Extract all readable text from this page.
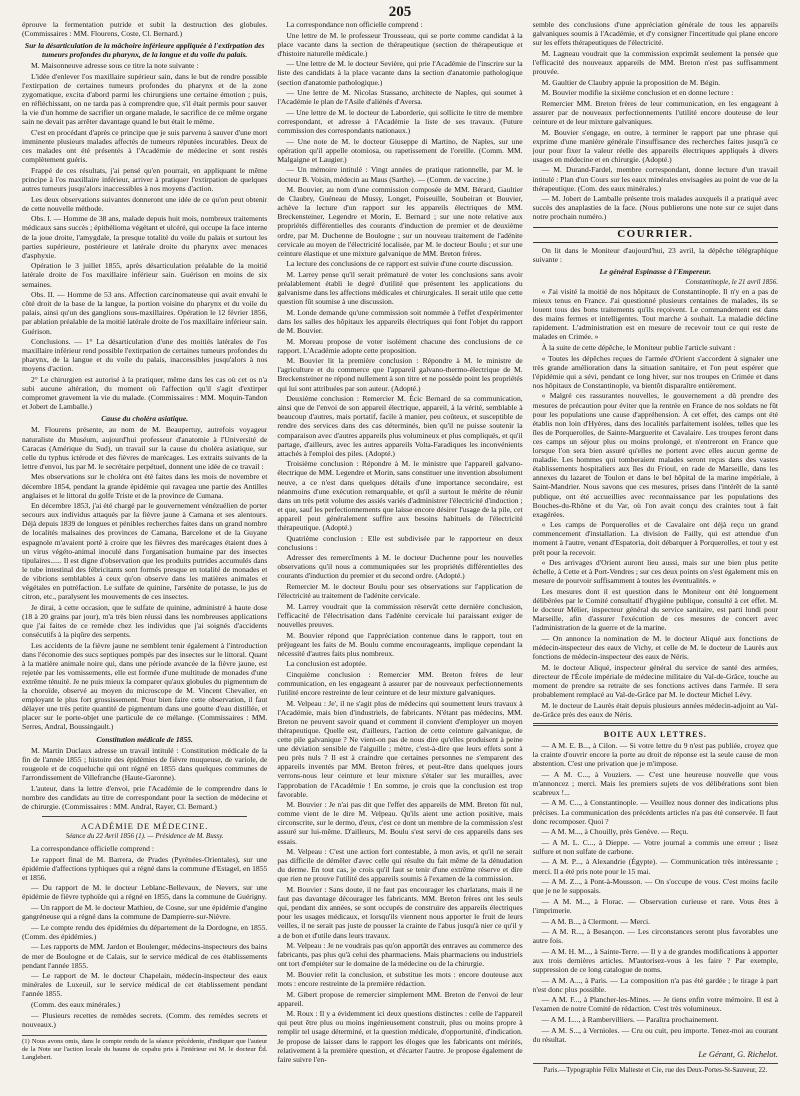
205

éprouve la fermentation putride et subit la destruction des globules. (Commissaires : MM. Flourens, Coste, Cl. Bernard.)

Sur la désarticulation de la mâchoire inférieure appliquée à l'extirpation des tumeurs profondes du pharynx, de la langue et du voile du palais.

M. Maisonneuve adresse sous ce titre la note suivante :

L'idée d'enlever l'os maxillaire supérieur sain, dans le but de rendre possible l'extirpation de certaines tumeurs profondes du pharynx et de la zone zygomatique, excita d'abord parmi les chirurgiens une certaine émotion ; puis, en réfléchissant, on ne tarda pas à comprendre que, s'il était permis pour sauver la vie d'un homme de sacrifier un organe malade, le sacrifice de ce même organe sain ne devait pas arrêter davantage quand le but était le même.

C'est en procédant d'après ce principe que je suis parvenu à sauver d'une mort imminente plusieurs malades affectés de tumeurs réputées incurables. Deux de ces malades ont été présentés à l'Académie de médecine et sont restés complètement guéris.

Frappé de ces résultats, j'ai pensé qu'en pourrait, en appliquant le même principe à l'os maxillaire inférieur, arriver à pratiquer l'extirpation de quelques autres tumeurs jusqu'alors inaccessibles à nos moyens d'action.

Les deux observations suivantes donneront une idée de ce qu'on peut obtenir de cette nouvelle méthode.

Obs. I. — Homme de 38 ans, malade depuis huit mois, nombreux traitements médicaux sans succès ; épithélioma végétant et ulcéré, qui occupe la face interne de la joue droite, l'amygdale, la presque totalité du voile du palais et surtout les parties supérieure, postérieure et latérale droite du pharynx avec menaces d'asphyxie.

Opération le 3 juillet 1855, après désarticulation préalable de la moitié latérale droite de l'os maxillaire inférieur sain. Guérison en moins de six semaines.

Obs. II. — Homme de 53 ans. Affection carcinomateuse qui avait envahi le côté droit de la base de la langue, la portion voisine du pharynx et du voile du palais, ainsi qu'un des ganglions sous-maxillaires. Opération le 12 février 1856, par ablation préalable de la moitié latérale droite de l'os maxillaire inférieur sain. Guérison.

Conclusions. — 1° La désarticulation d'une des moitiés latérales de l'os maxillaire inférieur rend possible l'extirpation de certaines tumeurs profondes du pharynx, de la langue et du voile du palais, inaccessibles jusqu'alors à nos moyens d'action.

2° Le chirurgien est autorisé à la pratiquer, même dans les cas où cet os n'a subi aucune altération, du moment où l'affection qu'il s'agit d'extirper compromet gravement la vie du malade. (Commissaires : MM. Moquin-Tandon et Jobert de Lamballe.)

Cause du choléra asiatique.

M. Flourens présente, au nom de M. Beaupertuy, autrefois voyageur naturaliste du Muséum, aujourd'hui professeur d'anatomie à l'Université de Caracas (Amérique du Sud), un travail sur la cause du choléra asiatique, sur celle du typhus ictérode et des fièvres de marécages. Les extraits suivants de la lettre d'envoi, lus par M. le secrétaire perpétuel, donnent une idée de ce travail :

Mes observations sur le choléra ont été faites dans les mois de novembre et décembre 1854, pendant la grande épidémie qui ravagea une partie des Antilles anglaises et le littoral du golfe Triste et de la province de Cumana.

En décembre 1853, j'ai été chargé par le gouvernement vénézuélien de porter secours aux individus attaqués par la fièvre jaune à Camana et ses alentours. Déjà depuis 1839 de longues et pénibles recherches faites dans un grand nombre de localités malsaines des provinces de Camana, Barcelone et de la Guyane espagnole m'avaient porté à croire que les fièvres des marécages étaient dues à un virus végéto-animal inoculé dans l'organisation humaine par des insectes tipulaires...... Il est digne d'observation que les produits putrides accumulés dans le tube intestinal des fébricitants sont formés presque en totalité de monades et de vibrions semblables à ceux qu'on observe dans les matières animales et végétales en putréfaction. Le sulfate de quinine, l'arsénite de potasse, le jus de citron, etc., paralysent les mouvements de ces insectes.

Je dirai, à cette occasion, que le sulfate de quinine, administré à haute dose (18 à 20 grains par jour), m'a très bien réussi dans les nombreuses applications que j'ai faites de ce remède chez les individus que j'ai soignés d'accidents consécutifs à la piqûre des serpents.

Les accidents de la fièvre jaune ne semblent tenir également à l'introduction dans l'économie des sucs septiques pompés par des insectes sur le littoral. Quant à la matière animale noire qui, dans une période avancée de la fièvre jaune, est rejetée par les vomissements, elle est formée d'une multitude de monades d'une extrême ténuité. Je ne puis mieux la comparer qu'aux globules du pigmentum de la choroïde, observé au moyen du microscope de M. Vincent Chevalier, en employant le plus fort grossissement. Pour bien faire cette observation, il faut délayer une très petite quantité de pigmentum dans une goutte d'eau distillée, et placer sur le porte-objet une particule de ce mélange. (Commissaires : MM. Serres, Andral, Boussingault.)

Constitution médicale de 1855.

M. Martin Duclaux adresse un travail intitulé : Constitution médicale de la fin de l'année 1855 ; histoire des épidémies de fièvre muqueuse, de variole, de rougeole et de coqueluche qui ont régné en 1855 dans quelques communes de l'arrondissement de Villefranche (Haute-Garonne).

L'auteur, dans la lettre d'envoi, prie l'Académie de le comprendre dans le nombre des candidats au titre de correspondant pour la section de médecine et de chirurgie. (Commissaires : MM. Andral, Rayer, Cl. Bernard.)

ACADÉMIE DE MÉDECINE.
Séance du 22 Avril 1856 (1). — Présidence de M. Bussy.

La correspondance officielle comprend :

Le rapport final de M. Barrera, de Prades (Pyrénées-Orientales), sur une épidémie d'affections typhiques qui a régné dans la commune d'Estagel, en 1855 et 1856.

— Du rapport de M. le docteur Leblanc-Bellevaux, de Nevers, sur une épidémie de fièvre typhoïde qui a régné en 1855, dans la commune de Guérigny.

— Un rapport de M. le docteur Mathieu, de Cosne, sur une épidémie d'angine gangréneuse qui a régné dans la commune de Dampierre-sur-Nièvre.

— Le compte rendu des épidémies du département de la Dordogne, en 1855. (Comm. des épidémies.)

— Les rapports de MM. Jardon et Boulenger, médecins-inspecteurs des bains de mer de Boulogne et de Calais, sur le service médical de ces établissements pendant l'année 1855.

— Le rapport de M. le docteur Chapelain, médecin-inspecteur des eaux minérales de Luxeuil, sur le service médical de cet établissement pendant l'année 1855.

(Comm. des eaux minérales.)

— Plusieurs recettes de remèdes secrets. (Comm. des remèdes secrets et nouveaux.)

(1) Nous avons omis, dans le compte rendu de la séance précédente, d'indiquer que l'auteur de la Note sur l'action locale du baume de copahu pris à l'intérieur est M. le docteur Éd. Langlebert.

La correspondance non officielle comprend :

Une lettre de M. le professeur Trousseau, qui se porte comme candidat à la place vacante dans la section de thérapeutique (section de thérapeutique et d'histoire naturelle médicale.)

— Une lettre de M. le docteur Sevière, qui prie l'Académie de l'inscrire sur la liste des candidats à la place vacante dans la section d'anatomie pathologique (section d'anatomie pathologique.)

— Une lettre de M. Nicolas Stassano, architecte de Naples, qui soumet à l'Académie le plan de l'Asile d'aliénés d'Aversa.

— Une lettre de M. le docteur de Laborderie, qui sollicite le titre de membre correspondant, et adresse à l'Académie la liste de ses travaux. (Future commission des correspondants nationaux.)

— Une note de M. le docteur Giuseppe di Martino, de Naples, sur une opération qu'il appelle otomiosa, ou rapetissement de l'oreille. (Comm. MM. Malgaigne et Laugier.)

— Un mémoire intitulé : Vingt années de pratique rationnelle, par M. le docteur B. Voisin, médecin au Maus (Sarthe). — (Comm. de vaccine.)

M. Bouvier, au nom d'une commission composée de MM. Bérard, Gaultier de Claubry, Guéneau de Mussy, Longet, Poiseuille, Soubeiran et Bouvier, achève la lecture d'un rapport sur les appareils électriques de MM. Breckensteiner, Legendre et Morin, E. Bernard ; sur une note relative aux propriétés différentielles des courants d'induction de premier et de deuxième ordre, par M. Duchenne de Boulogne ; sur un nouveau traitement de l'adénite cervicale au moyen de l'électricité localisée, par M. le docteur Boulu ; et sur une ceinture élastique et une mixture galvanique de MM. Breton frères.

La lecture des conclusions de ce rapport est suivie d'une courte discussion.

M. Larrey pense qu'il serait prématuré de voter les conclusions sans avoir préalablement établi le degré d'utilité que présentent les applications du galvanisme dans les affections médicales et chirurgicales. Il serait utile que cette question fût soumise à une discussion.

M. Londe demande qu'une commission soit nommée à l'effet d'expérimenter dans les salles des hôpitaux les appareils électriques qui font l'objet du rapport de M. Bouvier.

M. Moreau propose de voter isolément chacune des conclusions de ce rapport. L'Académie adopte cette proposition.

M. Bouvier lit la première conclusion : Répondre à M. le ministre de l'agriculture et du commerce que l'appareil galvano-thermo-électrique de M. Breckensteiner ne répond nullement à son titre et ne possède point les propriétés qui lui sont attribuées par son auteur. (Adopté.)

Deuxième conclusion : Remercier M. Écic Bernard de sa communication, ainsi que de l'envoi de son appareil électrique, appareil, à la vérité, semblable à beaucoup d'autres, mais portatif, facile à manier, peu coûteux, et susceptible de rendre des services dans des cas déterminés, bien qu'il ne puisse soutenir la comparaison avec d'autres appareils plus volumineux et plus compliqués, et qu'il partage, d'ailleurs, avec les autres appareils Volta-Faradiques les inconvénients attachés à l'emploi des piles. (Adopté.)

Troisième conclusion : Répondre à M. le ministre que l'appareil galvano-électrique de MM. Legendre et Morin, sans constituer une invention absolument neuve, a ce n'est dans quelques détails d'une importance secondaire, est néanmoins d'une exécution remarquable, et qu'il a surtout le mérite de réunir dans un très petit volume des assiés variés d'administrer l'électricité d'induction ; et que, sauf les perfectionnements que laisse encore désirer l'usage de la pile, cet appareil peut généralement suffire aux besoins habituels de l'électricité thérapeutique. (Adopté.)

Quatrième conclusion : Elle est subdivisée par le rapporteur en deux conclusions :

Adresser des remercîments à M. le docteur Duchenne pour les nouvelles observations qu'il nous a communiquées sur les propriétés différentielles des courants d'induction du premier et du second ordre. (Adopté.)

Remercier M. le docteur Boulu pour ses observations sur l'application de l'électricité au traitement de l'adénite cervicale.

M. Larrey voudrait que la commission réservât cette dernière conclusion, l'efficacité de l'électrisation dans l'adénite cervicale lui paraissant exiger de nouvelles preuves.

M. Bouvier répond que l'appréciation contenue dans le rapport, tout en préjugeant les faits de M. Boulu comme encourageants, implique cependant la nécessité d'autres faits plus nombreux.

La conclusion est adoptée.

Cinquième conclusion : Remercier MM. Breton frères de leur communication, en les engageant à assurer par de nouveaux perfectionnements l'utilité encore restreinte de leur ceinture et de leur mixture galvaniques.

M. Velpeau : Je', il ne s'agit plus de médecins qui soumettent leurs travaux à l'Académie, mais bien d'industriels, de fabricants. N'étant pas médecins, MM. Breton ne peuvent savoir quand et comment il convient d'employer un moyen thérapeutique. Quelle est, d'ailleurs, l'action de cette ceinture galvanique, de cette pile galvanique ? Ne vient-on pas de nous dire qu'elles produisent à peine une déviation sensible de l'aiguille ; mètre, c'est-à-dire que leurs effets sont à peu près nuls ? Il est à craindre que certaines personnes ne s'emparent des appareils inventés par MM. Breton frères, et peut-être dans quelques jours verrons-nous leur ceinture et leur mixture s'étaler sur les murailles, avec l'approbation de l'Académie ! En somme, je crois que la conclusion est trop favorable.

M. Bouvier : Je n'ai pas dit que l'effet des appareils de MM. Breton fût nul, comme vient de le dire M. Velpeau. Qu'ils aient une action positive, mais circonscrite, sur le dermo, d'eux, c'est ce dont un membre de la commission s'est assuré sur lui-même. D'ailleurs, M. Boulu s'est servi de ces appareils dans ses essais.

M. Velpeau : C'est une action fort contestable, à mon avis, et qu'il ne serait pas difficile de démêler d'avec celle qui résulte du fait même de la dénudation du derme. En tout cas, je crois qu'il faut se tenir d'une extrême réserve et dire que rien ne prouve l'utilité des appareils soumis à l'examen de la commission.

M. Bouvier : Sans doute, il ne faut pas encourager les charlatans, mais il ne faut pas davantage décourager les fabricants. MM. Breton frères ont les seuls qui, pendant dix années, se sont occupés de construire des appareils électriques pour les usages médicaux, et lorsqu'ils viennent nous apporter le fruit de leurs veilles, il ne serait pas juste de pousser la crainte de l'abus jusqu'à nier ce qu'il y a de bon et d'utile dans leurs travaux.

M. Velpeau : Je ne voudrais pas qu'on apportât des entraves au commerce des fabricants, pas plus qu'à celui des pharmaciens. Mais pharmaciens ou industriels ont tort d'empiéter sur le domaine de la médecine ou de la chirurgie.

M. Bouvier relit la conclusion, et substitue les mots : encore douteuse aux mots : encore restreinte de la première rédaction.

M. Gibert propose de remercier simplement MM. Breton de l'envoi de leur appareil.

M. Roux : Il y a évidemment ici deux questions distinctes : celle de l'appareil qui peut être plus ou moins ingénieusement construit, plus ou moins propre à remplir tel usage déterminé, et la question médicale, d'opportunité, d'indication. Je propose de laisser dans le rapport les éloges que les fabricants ont mérités, relativement à la première question, et d'écarter l'autre. Je propose également de faire suivre l'en-

semble des conclusions d'une appréciation générale de tous les appareils galvaniques soumis à l'Académie, et d'y consigner l'incertitude qui plane encore sur les effets thérapeutiques de l'électricité.

M. Lagneau voudrait que la commission exprimât seulement la pensée que l'efficacité des nouveaux appareils de MM. Breton n'est pas suffisamment prouvée.

M. Gaultier de Claubry appuie la proposition de M. Bégin.

M. Bouvier modifie la sixième conclusion et en donne lecture :

Remercier MM. Breton frères de leur communication, en les engageant à assurer par de nouveaux perfectionnements l'utilité encore douteuse de leur ceinture et de leur mixture galvaniques.

M. Bouvier s'engage, en outre, à terminer le rapport par une phrase qui exprime d'une manière générale l'insuffisance des recherches faites jusqu'à ce jour pour fixer la valeur réelle des appareils électriques appliqués à divers usages en médecine et en chirurgie. (Adopté.)

— M. Durand-Fardel, membre correspondant, donne lecture d'un travail intitulé : Plan d'un Cours sur les eaux minérales envisagées au point de vue de la thérapeutique. (Com. des eaux minérales.)

— M. Jobert de Lamballe présente trois malades auxquels il a pratiqué avec succès des anaplasties de la face. (Nous publierons une note sur ce sujet dans notre prochain numéro.)

COURRIER.

On lit dans le Moniteur d'aujourd'hui, 23 avril, la dépêche télégraphique suivante :

Le général Espinasse à l'Empereur.
Constantinople, le 21 avril 1856.

« J'ai visité la moitié de nos hôpitaux de Constantinople. Il n'y en a pas de mieux tenus en France. J'ai questionné plusieurs centaines de malades, ils se louent tous des bons traitements qu'ils reçoivent. Le commandement est dans des mains fermes et intelligentes. Tout marche à souhait. La maladie décline rapidement. L'administration est en mesure de recevoir tout ce qui reste de malades en Crimée. »

À la suite de cette dépêche, le Moniteur publie l'article suivant :

« Toutes les dépêches reçues de l'armée d'Orient s'accordent à signaler une très grande amélioration dans la situation sanitaire, et l'on peut espérer que l'épidémie qui a sévi, pendant ce long hiver, sur nos troupes en Crimée et dans nos hôpitaux de Constantinople, va bientôt disparaître entièrement.

« Malgré ces rassurantes nouvelles, le gouvernement a dû prendre des mesures de précaution pour éviter que la rentrée en France de nos soldats ne fût pour les populations une cause d'appréhension. À cet effet, des camps ont été établis non loin d'Hyères, dans des localités parfaitement isolées, telles que les îles de Porquerolles, de Sainte-Marguerite et Cavalaire. Les troupes feront dans ces camps un séjour plus ou moins prolongé, et n'entreront en France que lorsque l'on sera bien assuré qu'elles ne portent avec elles aucun germe de maladie. Les hommes qui tomberaient malades seront reçus dans des vastes établissements hospitaliers aux îles du Frioul, en rade de Marseille, dans les annexes du lazaret de Toulon et dans le bel hôpital de la marine impériale, à Saint-Mandrier. Nous savons que ces mesures, prises dans l'intérêt de la santé publique, ont été accueillies avec reconnaissance par les populations des Bouches-du-Rhône et du Var, où l'on avait conçu des craintes tout à fait exagérées.

« Les camps de Porquerolles et de Cavalaire ont déjà reçu un grand commencement d'installation. La division de Failly, qui est attendue d'un moment à l'autre, venant d'Espatoria, doit débarquer à Porquerolles, et tout y est prêt pour la recevoir.

« Des arrivages d'Orient auront lieu aussi, mais sur une bien plus petite échelle, à Cette et à Port-Vendres ; sur ces deux points on s'est également mis en mesure de pourvoir suffisamment à toutes les éventualités. »

Les mesures dont il est question dans le Moniteur ont été longuement délibérées par le Comité consultatif d'hygiène publique, consulté à cet effet. M. le docteur Mélier, inspecteur général du service sanitaire, est parti lundi pour Marseille, afin d'assurer l'exécution de ces mesures de concert avec l'administration de la guerre et de la marine.

— On annonce la nomination de M. le docteur Aliqué aux fonctions de médecin-inspecteur des eaux de Vichy, et celle de M. le docteur de Laurès aux fonctions de médecin-inspecteur des eaux de Néris.

M. le docteur Aliqué, inspecteur général du service de santé des armées, directeur de l'École impériale de médecine militaire du Val-de-Grâce, touche au moment de prendre sa retraite de ses fonctions actives dans l'armée. Il sera probablement remplacé au Val-de-Grâce par M. le docteur Michel Lévy.

M. le docteur de Laurès était depuis plusieurs années médecin-adjoint au Val-de-Grâce près des eaux de Néris.

BOITE AUX LETTRES.

— A M. E. B..., à Cilon. — Si votre lettre du 9 n'est pas publiée, croyez que la crainte d'ouvrir encore la porte au droit de réponse est la seule cause de mon abstention. C'est une privation que je m'impose.

— A M. C..., à Vouziers. — C'est une heureuse nouvelle que vous m'annoncez ; merci. Mais les premiers sujets de vos délibérations sont bien scabreux !...

— A M. C..., à Constantinople. — Veuillez nous donner des indications plus précises. La communication des précédents articles n'a pas été conservée. Il faut donc recomposer. Quoi ?

— A M. M..., à Chouilly, près Genève. — Reçu.

— A M. L. C..., à Dieppe. — Votre journal a commis une erreur ; lisez sulfure et non sulfate de carbone.

— A M. P..., à Alexandrie (Égypte). — Communication très intéressante ; merci. Il a été pris note pour le 15 mai.

— A M. Z..., à Pont-à-Mousson. — On s'occupe de vous. C'est moins facile que je ne le supposais.

— A M. M..., à Florac. — Observation curieuse et rare. Vous êtes à l'imprimerie.

— A M. B..., à Clermont. — Merci.

— A M. R..., à Besançon. — Les circonstances seront plus favorables une autre fois.

— A M. H. M..., à Sainte-Terre. — Il y a de grandes modifications à apporter aux trois dernières articles. M'autorisez-vous à les faire ? Par exemple, suppression de ce long catalogue de noms.

— A M. A..., à Paris. — La composition n'a pas été gardée ; le tirage à part n'est donc plus possible.

— A M. F..., à Plancher-les-Mines. — Je tiens enfin votre mémoire. Il est à l'examen de notre Comité de rédaction. C'est très volumineux.

— A M. L..., à Rambervilliers. — Paraîtra prochainement.

— A M. S..., à Vernioles. — Cru ou cuit, peu importe. Tenez-moi au courant du résultat.

Le Gérant, G. Richelot.
Paris.—Typographie Félix Malteste et Cie, rue des Deux-Portes-St-Sauveur, 22.
